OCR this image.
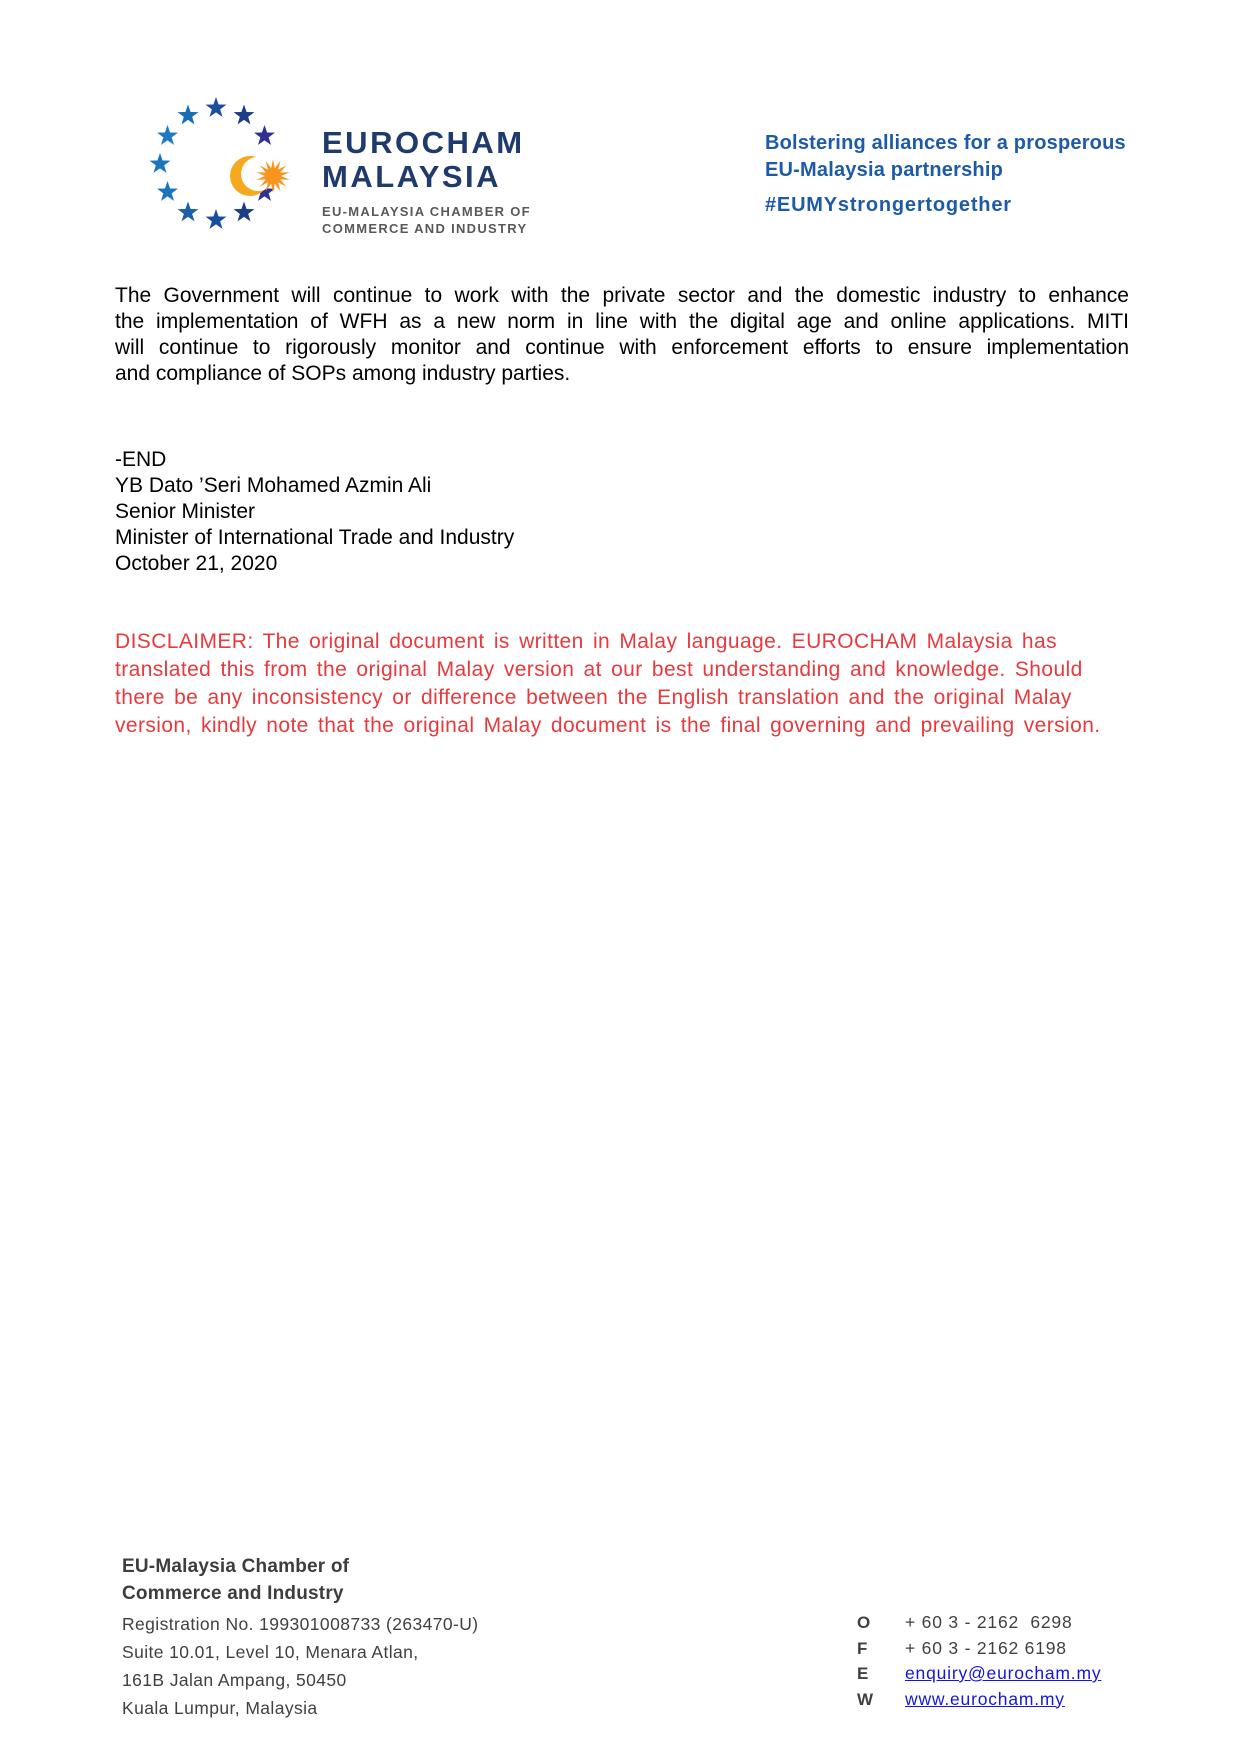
EUROCHAM
MALAYSIA
EU-MALAYSIA CHAMBER OF
COMMERCE AND INDUSTRY
Bolstering alliances for a prosperous
EU-Malaysia partnership
#EUMYstrongertogether
The Government will continue to work with the private sector and the domestic industry to enhance
the implementation of WFH as a new norm in line with the digital age and online applications. MITI
will continue to rigorously monitor and continue with enforcement efforts to ensure implementation
and compliance of SOPs among industry parties.
-END
YB Dato ’Seri Mohamed Azmin Ali
Senior Minister
Minister of International Trade and Industry
October 21, 2020
DISCLAIMER: The original document is written in Malay language. EUROCHAM Malaysia has
translated this from the original Malay version at our best understanding and knowledge. Should
there be any inconsistency or difference between the English translation and the original Malay
version, kindly note that the original Malay document is the final governing and prevailing version.
EU-Malaysia Chamber of
Commerce and Industry
Registration No. 199301008733 (263470-U)
Suite 10.01, Level 10, Menara Atlan,
161B Jalan Ampang, 50450
Kuala Lumpur, Malaysia
O	+ 60 3 - 2162  6298
F	+ 60 3 - 2162 6198
E	enquiry@eurocham.my
W	www.eurocham.my
